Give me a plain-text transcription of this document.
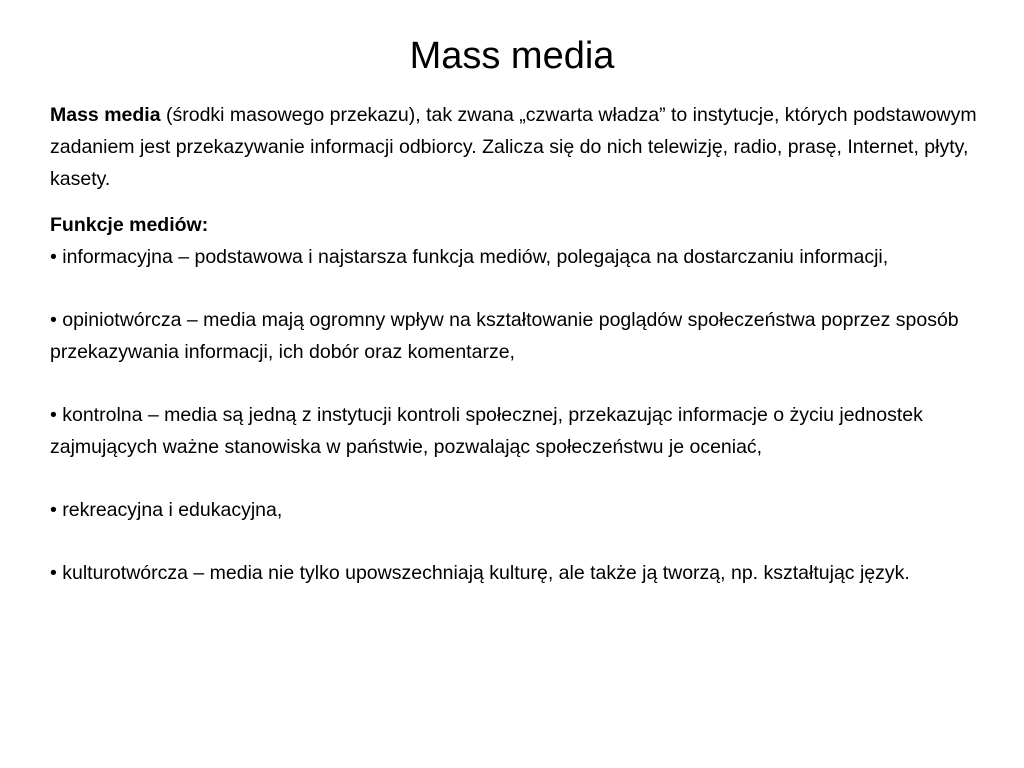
Mass media

Mass media (środki masowego przekazu), tak zwana „czwarta władza” to instytucje, których podstawowym zadaniem jest przekazywanie informacji odbiorcy. Zalicza się do nich telewizję, radio, prasę, Internet, płyty, kasety.

Funkcje mediów:

• informacyjna – podstawowa i najstarsza funkcja mediów, polegająca na dostarczaniu informacji,

• opiniotwórcza – media mają ogromny wpływ na kształtowanie poglądów społeczeństwa poprzez sposób przekazywania informacji, ich dobór oraz komentarze,

• kontrolna – media są jedną z instytucji kontroli społecznej, przekazując informacje o życiu jednostek zajmujących ważne stanowiska w państwie, pozwalając społeczeństwu je oceniać,

• rekreacyjna i edukacyjna,

• kulturotwórcza – media nie tylko upowszechniają kulturę, ale także ją tworzą, np. kształtując język.
